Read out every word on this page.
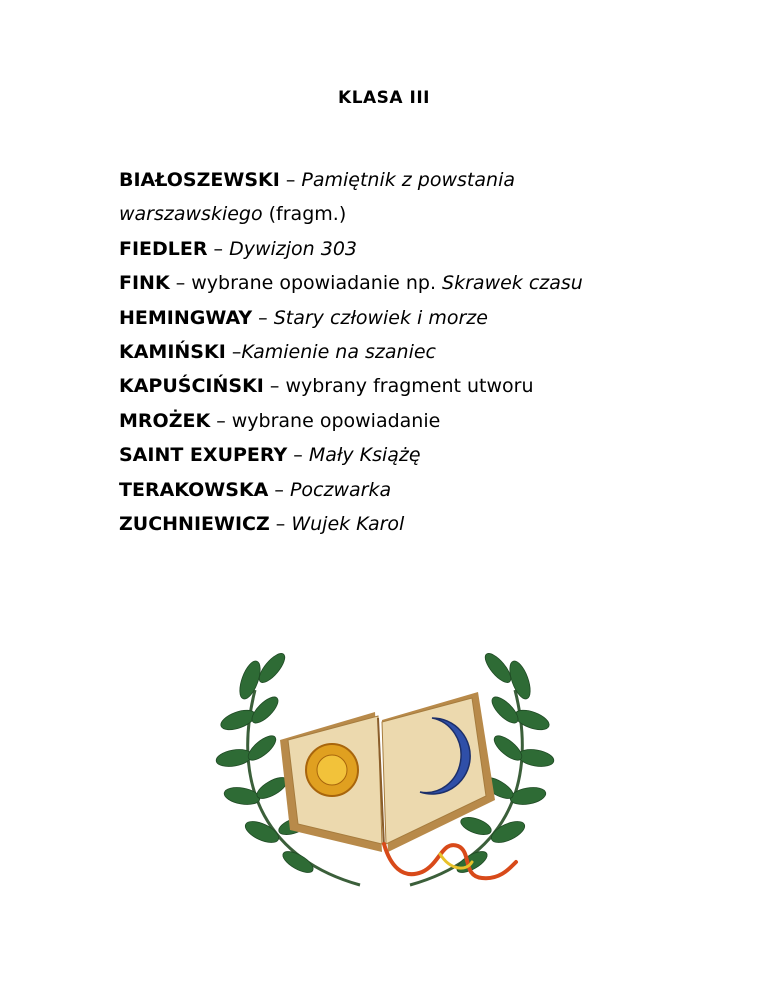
KLASA III
BIAŁOSZEWSKI – Pamiętnik z powstania warszawskiego (fragm.)
FIEDLER – Dywizjon 303
FINK – wybrane opowiadanie np. Skrawek czasu
HEMINGWAY – Stary człowiek i morze
KAMIŃSKI –Kamienie na szaniec
KAPUŚCIŃSKI – wybrany fragment utworu
MROŻEK – wybrane opowiadanie
SAINT EXUPERY – Mały Książę
TERAKOWSKA – Poczwarka
ZUCHNIEWICZ – Wujek Karol
